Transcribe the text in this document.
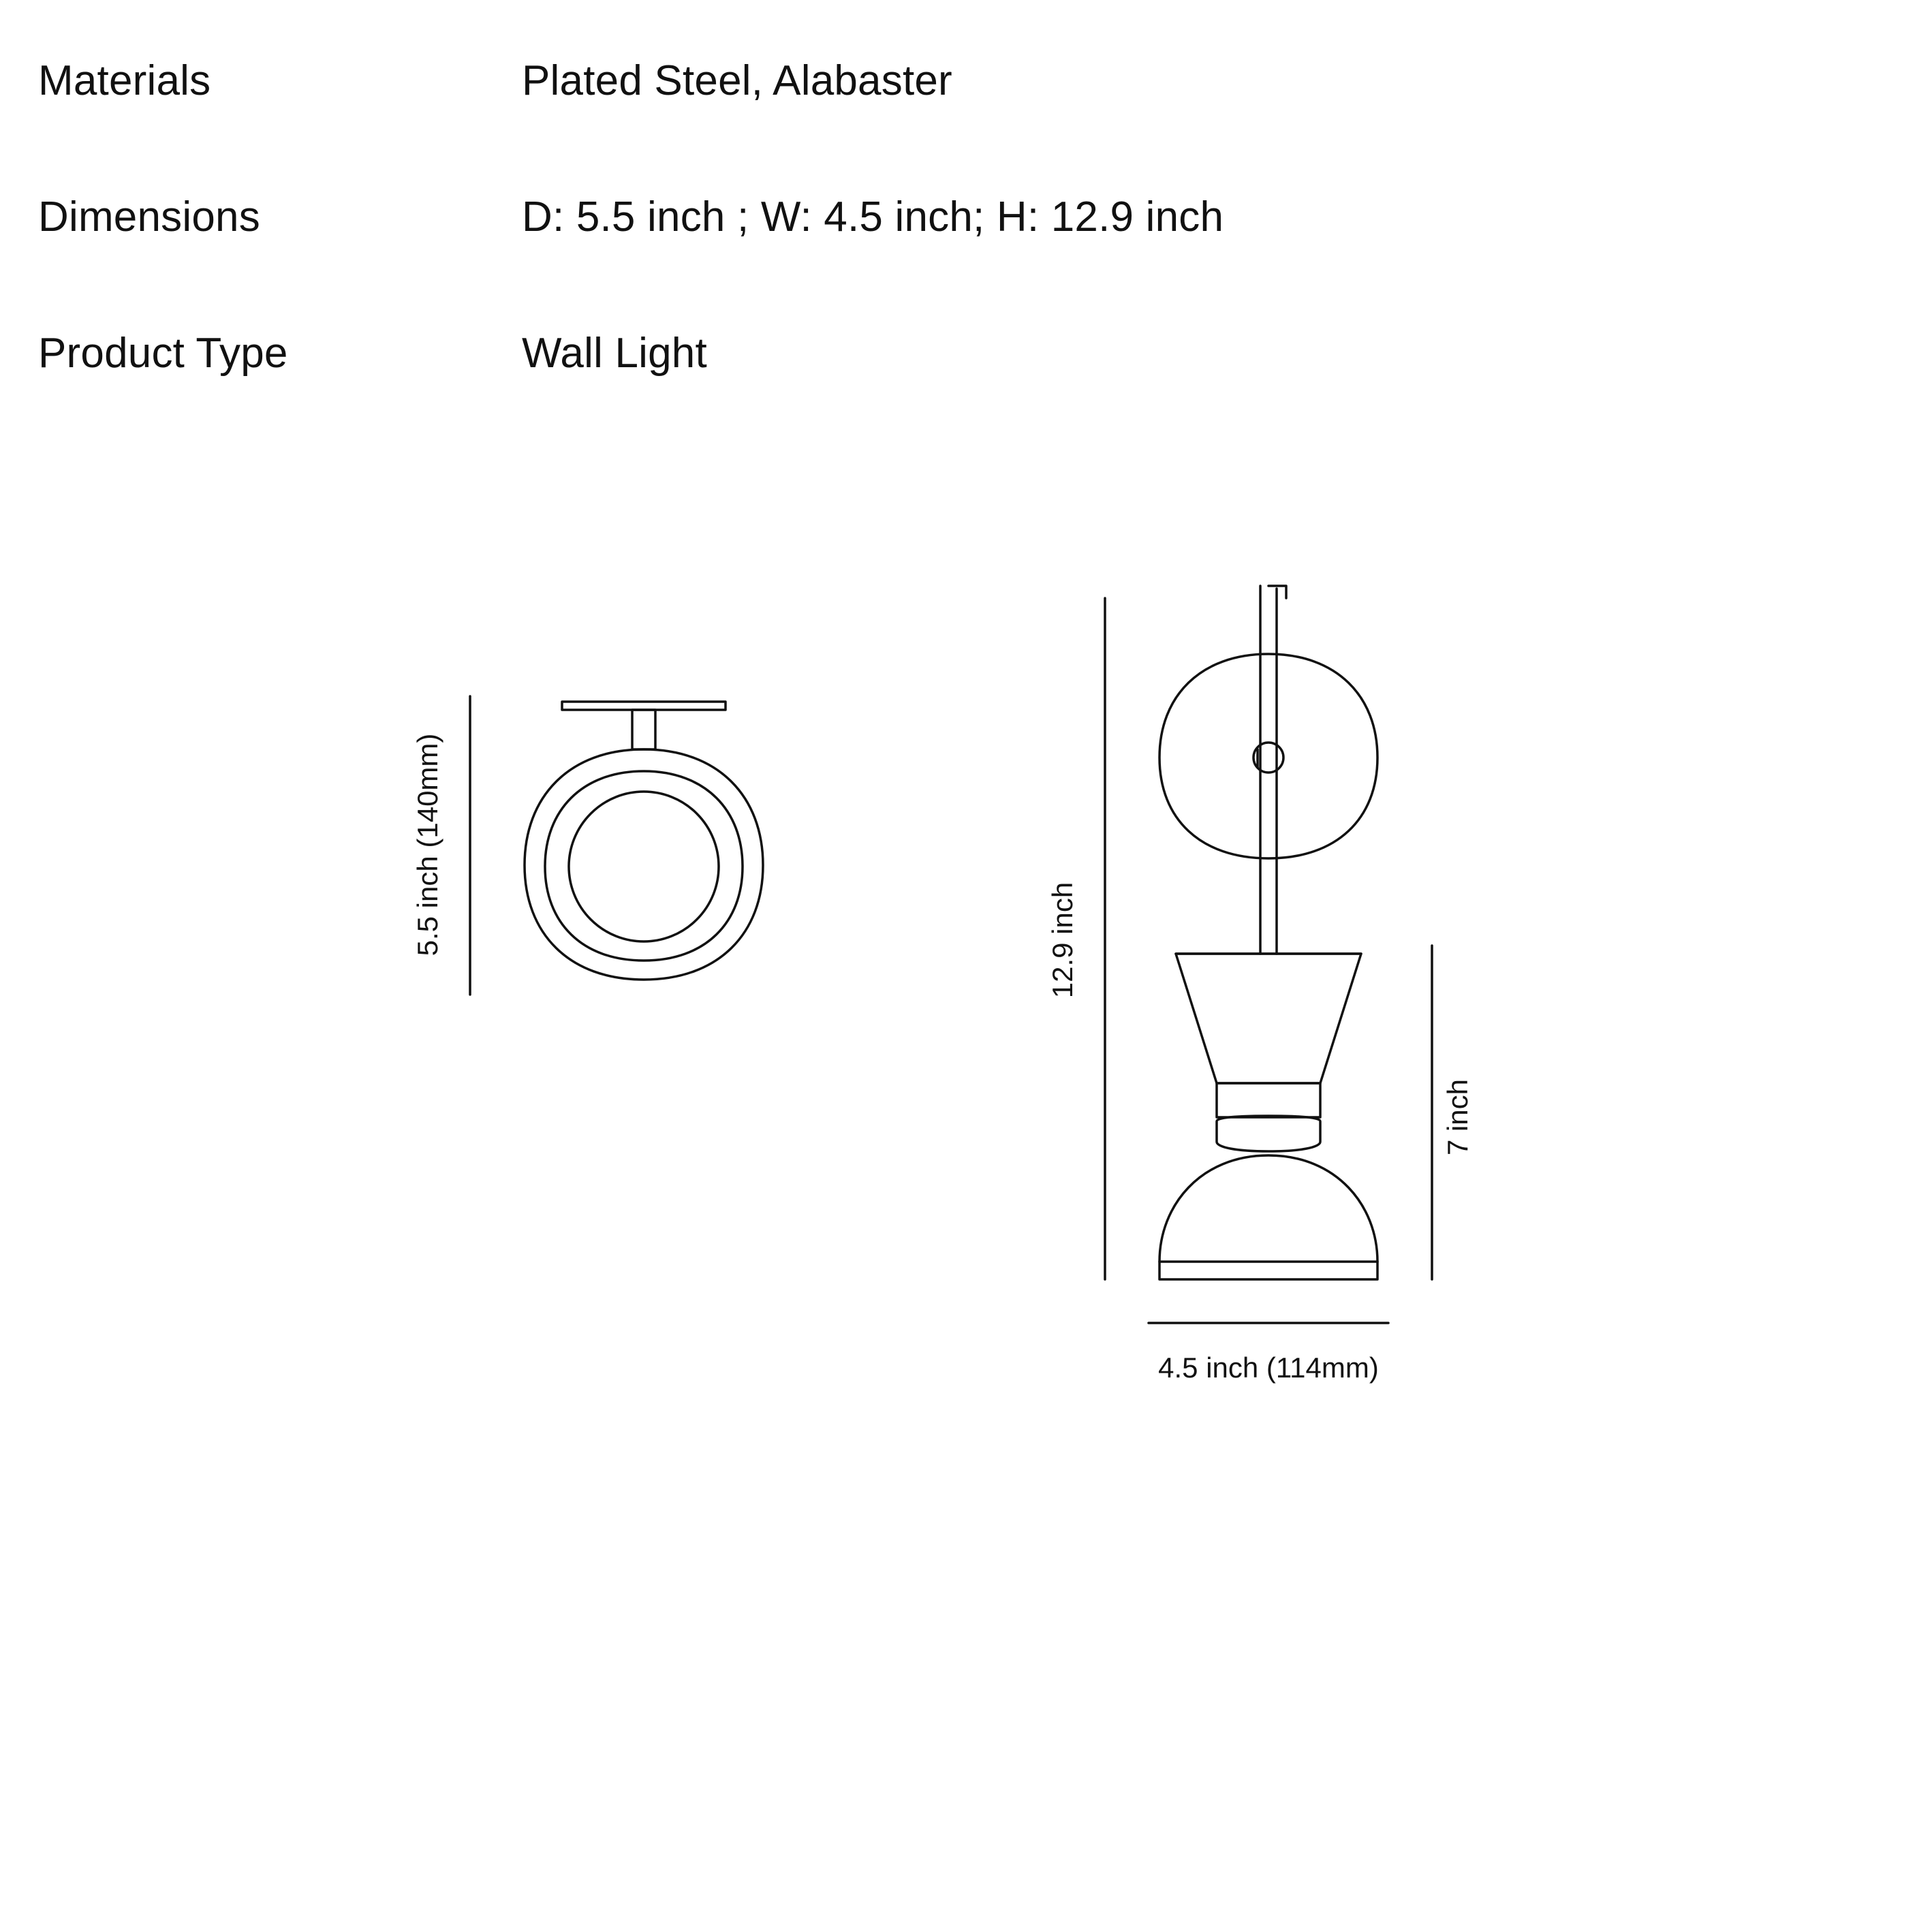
Materials	Plated Steel, Alabaster
Dimensions	D: 5.5 inch ; W: 4.5 inch; H: 12.9 inch
Product Type	Wall Light
5.5 inch (140mm)	12.9 inch
7 inch
4.5 inch (114mm)
